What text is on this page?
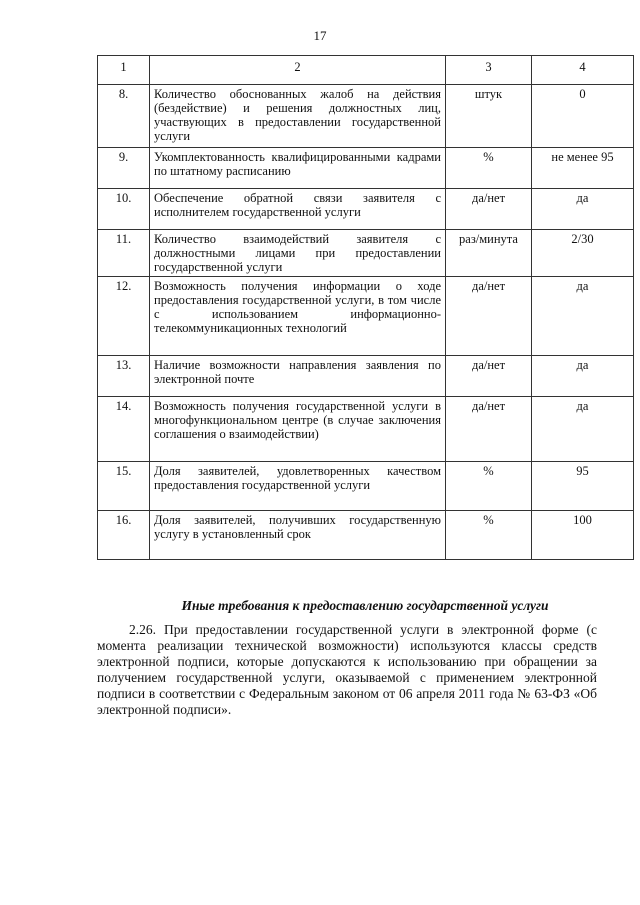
17
1	2	3	4
8.	Количество обоснованных жалоб на действия (бездействие) и решения должностных лиц, участвующих в предоставлении государственной услуги	штук	0
9.	Укомплектованность квалифицированными кадрами по штатному расписанию	%	не менее 95
10.	Обеспечение обратной связи заявителя с исполнителем государственной услуги	да/нет	да
11.	Количество взаимодействий заявителя с должностными лицами при предоставлении государственной услуги	раз/минута	2/30
12.	Возможность получения информации о ходе предоставления государственной услуги, в том числе с использованием информационно-телекоммуникационных технологий	да/нет	да
13.	Наличие возможности направления заявления по электронной почте	да/нет	да
14.	Возможность получения государственной услуги в многофункциональном центре (в случае заключения соглашения о взаимодействии)	да/нет	да
15.	Доля заявителей, удовлетворенных качеством предоставления государственной услуги	%	95
16.	Доля заявителей, получивших государственную услугу в установленный срок	%	100
Иные требования к предоставлению государственной услуги

2.26. При предоставлении государственной услуги в электронной форме (с момента реализации технической возможности) используются классы средств электронной подписи, которые допускаются к использованию при обращении за получением государственной услуги, оказываемой с применением электронной подписи в соответствии с Федеральным законом от 06 апреля 2011 года № 63-ФЗ «Об электронной подписи».
